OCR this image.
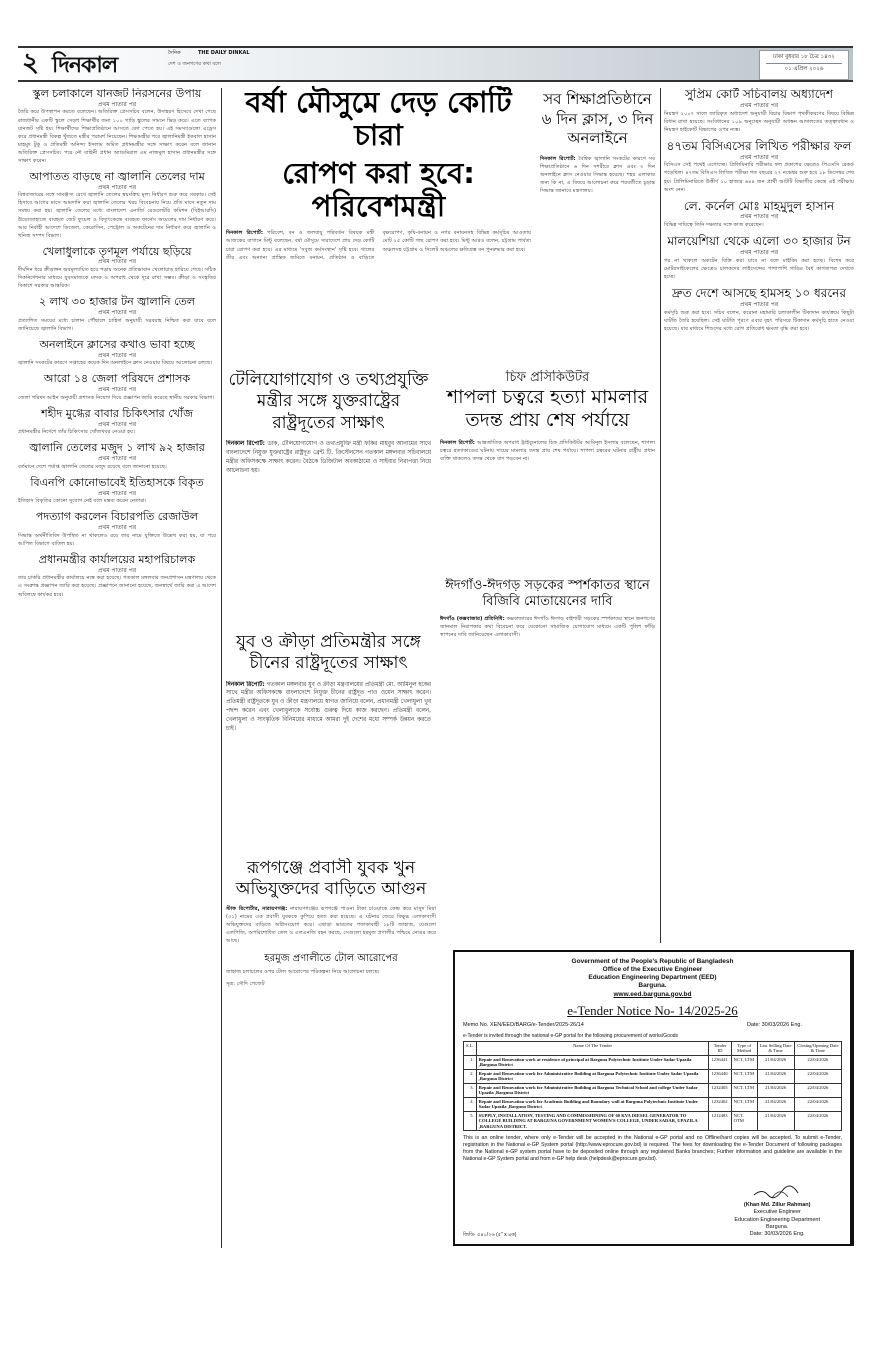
২ দিনকাল	দৈনিক	THE DAILY DINKAL
দেশ ও জনগণের কথা বলে
ঢাকা বুধবার ১৮ চৈত্র ১৪৩২
০১ এপ্রিল ২০২৬
স্কুল চলাকালে যানজট নিরসনের উপায়
প্রথম পাতার পর
তৈরি করে উপস্থাপন করতে বলেছেন। অতিরিক্ত প্রেসসচিব বলেন, উদাহরণ হিসেবে দেখা গেছে রাজধানীর একটি স্কুলে সেড়শ শিক্ষার্থীর জন্য ১০০ গাড়ি স্কুলের সামনে ভিড় করে। এতে ব্যাপক যানজট সৃষ্টি হয়। শিক্ষার্থীদের শিক্ষাপ্রতিষ্ঠানে আসতে বেগ পেতে হয়। এই সমস্যাগুলো এড্রেস করে প্রধানমন্ত্রী বিকল্প খুঁজতে মন্ত্রীর পরামর্শ নিয়েছেন। শিক্ষামন্ত্রীর পরে জ্বালানিমন্ত্রী ইকবাল হাসান মাহমুদ টুকু ও প্রতিমন্ত্রী অনিন্দ্য ইসলাম অমিত প্রধানমন্ত্রীর সঙ্গে সাক্ষাৎ করেন বলে জানান অতিরিক্ত প্রেসসচিব। পরে নৌ বাহিনী প্রধান অ্যাডমিরাল এম নাজমুল হাসান প্রধানমন্ত্রীর সঙ্গে সাক্ষাৎ করেন।
আপাতত বাড়ছে না জ্বালানি তেলের দাম
প্রথম পাতার পর
বিশ্ববাজারের সঙ্গে সামঞ্জস্য রেখে জ্বালানি তেলের স্বয়ংক্রিয় মূল্য নির্ধারণ শুরু করে সরকার। সেই হিসাবে আগের মাসে আমদানি করা জ্বালানি তেলের খরচ বিবেচনায় নিয়ে প্রতি মাসে নতুন দাম সমন্বয় করা হয়। জ্বালানি তেলের মধ্যে বাংলাদেশ এনার্জি রেগুলেটরি কমিশন (বিইআরসি) উড়োজাহাজে ব্যবহৃত জেট ফুয়েল ও বিদ্যুৎকেন্দ্রে ব্যবহৃত ফার্নেস অয়েলের দাম নির্ধারণ করে। আর নির্বাহী আদেশে ডিজেল, কেরোসিন, পেট্রোল ও অকটেনের দাম নির্ধারণ করে জ্বালানি ও খনিজ সম্পদ বিভাগ।
খেলাধুলাকে তৃণমূল পর্যায়ে ছড়িয়ে
প্রথম পাতার পর
দীর্ঘদিন ধরে ক্রীড়াঙ্গন অবমূল্যায়িত হয়ে পড়ায় অনেক প্রতিভাবান খেলোয়াড় হারিয়ে গেছে। সঠিক দিকনির্দেশনার মাধ্যমে যুবসমাজকে মাদক ও অপরাধ থেকে দূরে রাখা সম্ভব। ক্রীড়া ও সংস্কৃতির বিকাশে সরকার আন্তরিক।
২ লাখ ৩০ হাজার টন জ্বালানি তেল
প্রথম পাতার পর
প্রত্যাশিত সময়ের মধ্যে চালান পৌঁছালে চাহিদা অনুযায়ী সরবরাহ নিশ্চিত করা যাবে বলে জানিয়েছে জ্বালানি বিভাগ।
অনলাইনে ক্লাসের কথাও ভাবা হচ্ছে
প্রথম পাতার পর
জ্বালানি সংকটের কারণে সপ্তাহের কয়েক দিন অনলাইনে ক্লাস নেওয়ার বিষয়ে আলোচনা চলছে।
আরো ১৪ জেলা পরিষদে প্রশাসক
প্রথম পাতার পর
জেলা পরিষদ আইন অনুযায়ী প্রশাসক নিয়োগ দিয়ে প্রজ্ঞাপন জারি করেছে স্থানীয় সরকার বিভাগ।
শহীদ মুগ্ধের বাবার চিকিৎসার খোঁজ
প্রথম পাতার পর
প্রধানমন্ত্রীর নির্দেশে তাঁর চিকিৎসার খোঁজখবর নেওয়া হয়।
জ্বালানি তেলের মজুদ ১ লাখ ৯২ হাজার
প্রথম পাতার পর
বর্তমানে দেশে পর্যাপ্ত জ্বালানি তেলের মজুদ রয়েছে বলে জানানো হয়েছে।
বিএনপি কোনোভাবেই ইতিহাসকে বিকৃত
প্রথম পাতার পর
ইতিহাস বিকৃতির কোনো সুযোগ নেই বলে মন্তব্য করেন নেতারা।
পদত্যাগ করলেন বিচারপতি রেজাউল
প্রথম পাতার পর
সিদ্ধান্ত অর্থনীতিবিদ উপস্থিত না থাকলেও রয়ে তার নামে যুক্তিতে উল্লেখ করা হয়, যা পরে আপিল বিভাগে বাতিল হয়।
প্রধানমন্ত্রীর কার্যালয়ের মহাপরিচালক
প্রথম পাতার পর
তার চাকরি প্রধানমন্ত্রীর কার্যালয়ে ন্যস্ত করা হয়েছে। গতকাল মঙ্গলবার জনপ্রশাসন মন্ত্রণালয় থেকে এ সংক্রান্ত প্রজ্ঞাপন জারি করা হয়েছে। প্রজ্ঞাপনে জানানো হয়েছে, জনস্বার্থে জারি করা এ আদেশ অবিলম্বে কার্যকর হবে।
বর্ষা মৌসুমে দেড় কোটি চারা
রোপণ করা হবে: পরিবেশমন্ত্রী
দিনকাল রিপোর্ট: পরিবেশ, বন ও জলবায়ু পরিবর্তন বিষয়ক মন্ত্রী আজকের বাগানে মিন্টু বলেছেন, বর্ষা মৌসুমে সারাদেশে প্রায় দেড় কোটি চারা রোপণ করা হবে। এর মাধ্যমে 'সবুজ কর্মসংস্থান' সৃষ্টি হবে। খালের তীর এবং অন্যান্য প্রান্তিক জমিতে বনায়ন, প্রতিষ্ঠান ও বাড়িতে বৃক্ষরোপণ, কৃষি-বনায়ন ও নগর বনায়নসহ বিভিন্ন কর্মসূচির আওতায় মোট ২৫ কোটি গাছ রোপণ করা হবে। মিন্টু আরও বলেন, চট্টগ্রাম পার্বত্য অঞ্চলসহ চট্টগ্রাম ও সিলেট অঞ্চলের ক্ষতিগ্রস্ত বন পুনরুদ্ধার করা হবে।
সব শিক্ষাপ্রতিষ্ঠানে ৬ দিন ক্লাস, ৩ দিন অনলাইনে
দিনকাল রিপোর্ট: বৈশ্বিক জ্বালানি সংকটের কারণে সব শিক্ষাপ্রতিষ্ঠানে ৬ দিন সশরীরে ক্লাস এবং ৩ দিন অনলাইনে ক্লাস নেওয়ার সিদ্ধান্ত হয়েছে। শহর এলাকার জন্য কি না, এ বিষয়ে আলোচনা করে পরবর্তীতে চূড়ান্ত সিদ্ধান্ত জানাবে মন্ত্রণালয়।
টেলিযোগাযোগ ও তথ্যপ্রযুক্তি মন্ত্রীর সঙ্গে যুক্তরাষ্ট্রের রাষ্ট্রদূতের সাক্ষাৎ
দিনকাল রিপোর্ট: ডাক, টেলিযোগাযোগ ও তথ্যপ্রযুক্তি মন্ত্রী ফকির মাহবুব আনামের সাথে বাংলাদেশে নিযুক্ত যুক্তরাষ্ট্রের রাষ্ট্রদূত ব্রেন্ট টি. ক্রিস্টেনসেন গতকাল মঙ্গলবার সচিবালয়ে মন্ত্রীর অফিসকক্ষে সাক্ষাৎ করেন। বৈঠকে ডিজিটাল অবকাঠামো ও সাইবার নিরাপত্তা নিয়ে আলোচনা হয়।
চিফ প্রসিকিউটর
শাপলা চত্বরে হত্যা মামলার তদন্ত প্রায় শেষ পর্যায়ে
দিনকাল রিপোর্ট: আন্তর্জাতিক অপরাধ ট্রাইব্যুনালের চিফ প্রসিকিউটর আমিনুল ইসলাম বলেছেন, শাপলা চত্বরে হত্যাকাণ্ডের ঘটনায় দায়ের মামলার তদন্ত প্রায় শেষ পর্যায়ে। শাপলা চত্বরের ঘটনার রাষ্ট্রীয় প্রধান ব্যক্তি থাকলেও তদন্ত থেকে বাদ পড়বেন না।
যুব ও ক্রীড়া প্রতিমন্ত্রীর সঙ্গে চীনের রাষ্ট্রদূতের সাক্ষাৎ
দিনকাল রিপোর্ট: গতকাল মঙ্গলবার যুব ও ক্রীড়া মন্ত্রণালয়ের প্রতিমন্ত্রী মো. আমিনুল হকের সাথে মন্ত্রীর অফিসকক্ষে বাংলাদেশে নিযুক্ত চীনের রাষ্ট্রদূত পাও ওয়েন সাক্ষাৎ করেন। প্রতিমন্ত্রী রাষ্ট্রদূতকে যুব ও ক্রীড়া মন্ত্রণালয়ে স্বাগত জানিয়ে বলেন, প্রধানমন্ত্রী খেলাধুলা খুব পছন্দ করেন এবং খেলাধুলাকে সর্বোচ্চ গুরুত্ব দিয়ে কাজ করছেন। প্রতিমন্ত্রী বলেন, খেলাধুলা ও সাংস্কৃতিক বিনিময়ের মাধ্যমে আমরা দুই দেশের মধ্যে সম্পর্ক উন্নয়ন করতে চাই।
ঈদগাঁও-ঈদগড় সড়কের স্পর্শকাতর স্থানে বিজিবি মোতায়েনের দাবি
ঈদগাঁও (কক্সবাজার) প্রতিনিধি: কক্সবাজারের ঈদগাঁও ঈদগড় বাইশারী সড়কের স্পর্শকাতর স্থানে জনগণের জানমাল নিরাপত্তার কথা বিবেচনা করে যেকোনো সামাজিক যোগাযোগ মাধ্যমে একটি পুলিশ ফাঁড়ি স্থাপনের দাবি জানিয়েছেন এলাকাবাসী।
রূপগঞ্জে প্রবাসী যুবক খুন অভিযুক্তদের বাড়িতে আগুন
স্টাফ রিপোর্টার, নারায়ণগঞ্জ: নারায়ণগঞ্জের রূপগঞ্জে পাওনা টাকা চাওয়াকে কেন্দ্র করে মাসুদ মিয়া (৩১) নামের এক প্রবাসী যুবককে কুপিয়ে হত্যা করা হয়েছে। এ ঘটনার জেরে বিক্ষুব্ধ এলাকাবাসী অভিযুক্তদের বাড়িতে অগ্নিসংযোগ করে। এছাড়া ভারতের পতাকাবাহী ১৮টি জাহাজ, যেগুলো এলপিজি, অপরিশোধিত তেল ও এলএনজি বহন করছে, সেগুলো হরমুজ প্রণালীর পশ্চিমে নোঙর করে আছে।
হরমুজ প্রণালীতে টোল আরোপের
জাহাজ চলাচলের ওপর টোল আরোপের পরিকল্পনা নিয়ে আলোচনা চলছে।
সূত্র: সৌদি গেজেট
সুপ্রিম কোর্ট সচিবালয় অধ্যাদেশ
প্রথম পাতার পর
নিয়ন্ত্রণ ২০০৭ সালে জারিকৃত অধ্যাদেশ অনুযায়ী বিচার বিভাগ পৃথকীকরণের বিষয়ে বিভিন্ন বিধান রাখা হয়েছে। সংবিধানের ১০৯ অনুচ্ছেদ অনুযায়ী অধস্তন আদালতের তত্ত্বাবধান ও নিয়ন্ত্রণ হাইকোর্ট বিভাগের ওপর ন্যস্ত।
৪৭তম বিসিএসের লিখিত পরীক্ষার ফল
প্রথম পাতার পর
বিসিএস সেই পথেই এগোচ্ছে। প্রিলিমিনারি পরীক্ষার ফল প্রকাশের ক্ষেত্রেও পিএসসি রেকর্ড গড়েছিল। ৪৭তম বিসিএস লিখিত পরীক্ষা গত বছরের ২৭ নভেম্বর শুরু হয়ে ১৮ ডিসেম্বর শেষ হয়। প্রিলিমিনারিতে উত্তীর্ণ ১০ হাজার ৬৪৪ জন প্রার্থী আটটি বিভাগীয় কেন্দ্রে এই পরীক্ষায় অংশ নেন।
লে. কর্নেল মোঃ মাহমুদুল হাসান
প্রথম পাতার পর
বিভিন্ন দায়িত্বে তিনি দক্ষতার সঙ্গে কাজ করেছেন।
মালয়েশিয়া থেকে এলো ৩০ হাজার টন
প্রথম পাতার পর
পর না থাকলে অকটেন বিক্রি করা যাবে না বলে মাইকিং করা হচ্ছে। বিশেষ করে মোটরসাইকেলের ক্ষেত্রেও চালকদের লাইসেন্সের পাশাপাশি গাড়ির বৈধ কাগজপত্র দেখতে হচ্ছে।
দ্রুত দেশে আসছে হামসহ ১০ ধরনের
প্রথম পাতার পর
কর্মসূচি শুরু করা হবে। সচিব বলেন, করোনা মহামারি চলাকালীন টিকাদান কার্যক্রমে কিছুটা ঘাটতি তৈরি হয়েছিল। সেই ঘাটতি পূরণে এবার বৃহৎ পরিসরে টিকাদান কর্মসূচি হাতে নেওয়া হয়েছে। যার মাধ্যমে শিশুদের মধ্যে রোগ প্রতিরোধ ক্ষমতা বৃদ্ধি করা হবে।
Government of the People's Republic of Bangladesh
Office of the Executive Engineer
Education Engineering Department (EED)
Barguna.
www.eed.barguna.gov.bd
e-Tender Notice No- 14/2025-26
Memo No. XEN/EED/BARG/e-Tender/2025-26/14	Date: 30/03/2026 Eng.
e-Tender is invited through the national e-GP portal for the following procurement of works/Goods
S.L.	Name Of The Tender	Tender ID	Type of Method	Last Selling Date & Time	Closing/Opening Date & Time
1.	Repair and Renovation work at residence of principal at Barguna Polytechnic Institute Under Sadar Upazila ,Barguna District	1236441	NCT, LTM	21/04/2026	22/04/2026
2.	Repair and Renovation work for Administrative Building at Barguna Polytechnic Institute Under Sadar Upazila ,Barguna District	1236440	NCT, LTM	21/04/2026	22/04/2026
3.	Repair and Renovation work for Administrative Building at Barguna Technical School and college Under Sadar Upazila ,Barguna District	1232405	NCT, LTM	21/04/2026	22/04/2026
4.	Repair and Renovation work for Academic Building and Boundary wall at Barguna Polytechnic Institute Under Sadar Upazila ,Barguna District	1232402	NCT, LTM	21/04/2026	22/04/2026
5.	SUPPLY, INSTALLATION, TESTING AND COMMISSHINING OF 60 KVA DIESEL GENERATOR TO COLLEGE BUILDING AT BARGUNA GOVERNMENT WOMEN'S COLLEGE, UNDER SADAR, UPAZILA ,BARGUNA DISTRICT.	1212483	NCT, OTM	21/04/2026	22/04/2026
This is an online tender, where only e-Tender will be accepted in the National e-GP portal and no Offline/hard copies will be accepted. To submit e-Tender, registration in the National e-GP System portal (http://www.eprocure.gov.bd) is required. The fees for downloading the e-Tender Document of following packages from the National e-GP system portal have to be deposited online through any registered Banks branches; Further information and guideline are available in the National e-GP System portal and from e-GP help desk (helpdesk@eprocure.gov.bd).
জিডি- ৫৪০/২৬ (৫" x ৪ক)
(Khan Md. Zillur Rahman)
Executive Engineer
Education Engineering Department
Barguna.
Date: 30/03/2026 Eng.
